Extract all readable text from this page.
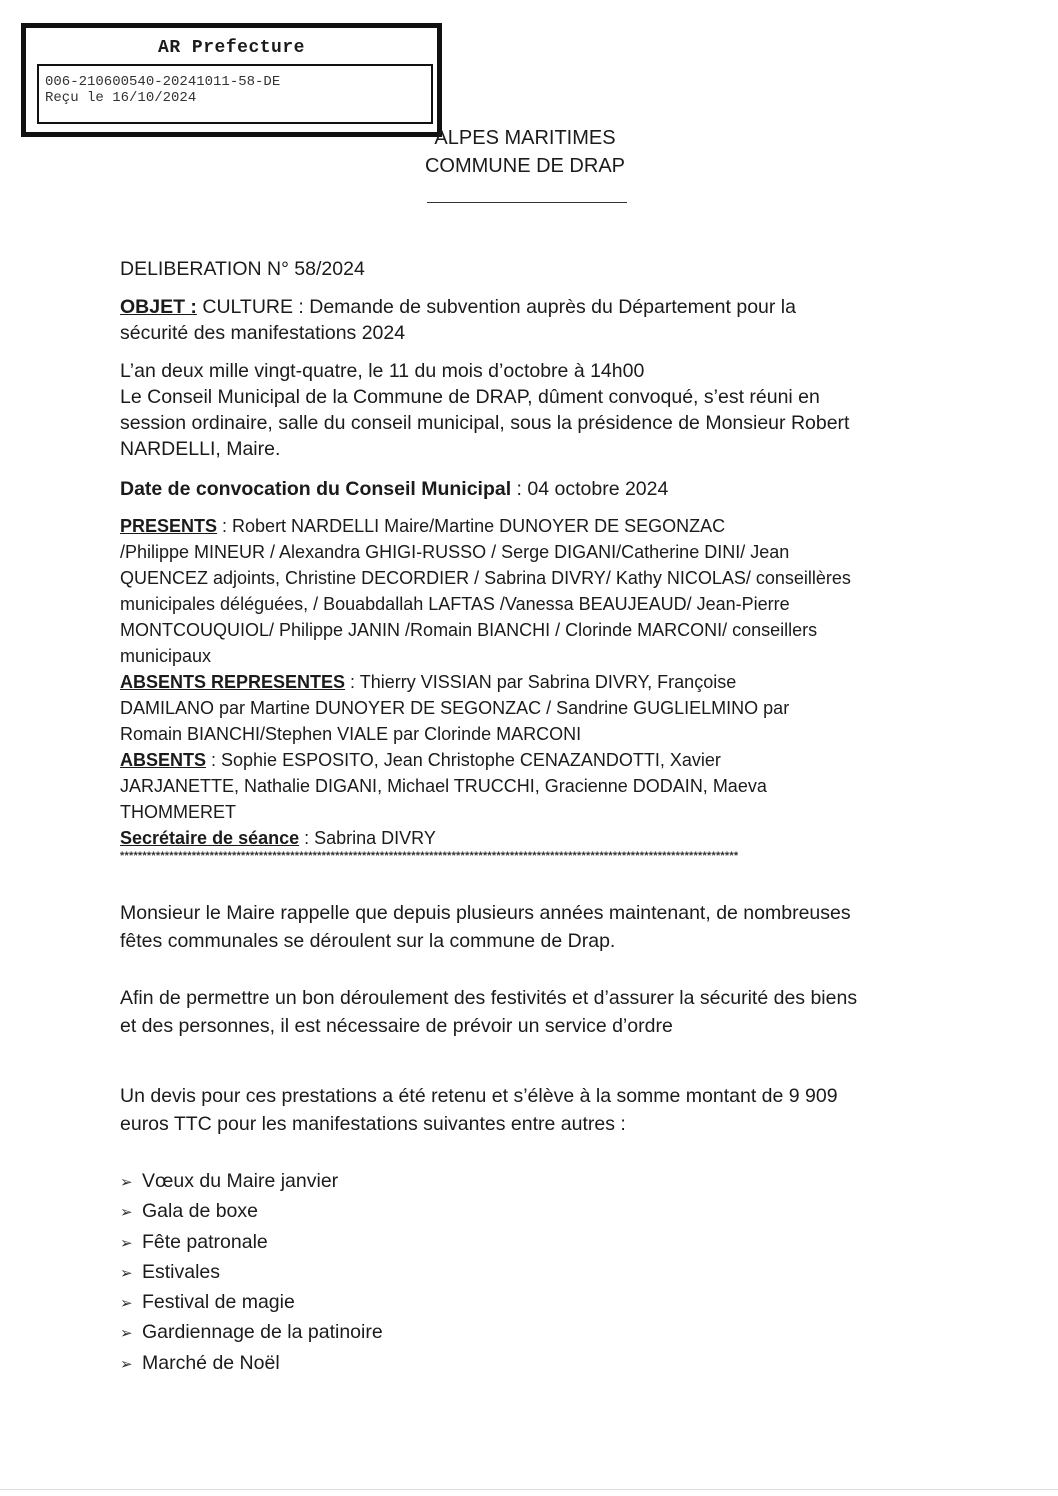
AR Prefecture
006-210600540-20241011-58-DE
Reçu le 16/10/2024
ALPES MARITIMES
COMMUNE DE DRAP
DELIBERATION N° 58/2024
OBJET : CULTURE : Demande de subvention auprès du Département pour la
sécurité des manifestations 2024
L’an deux mille vingt-quatre, le 11 du mois d’octobre à 14h00
Le Conseil Municipal de la Commune de DRAP, dûment convoqué, s’est réuni en
session ordinaire, salle du conseil municipal, sous la présidence de Monsieur Robert
NARDELLI, Maire.
Date de convocation du Conseil Municipal : 04 octobre 2024
PRESENTS : Robert NARDELLI Maire/Martine DUNOYER DE SEGONZAC
/Philippe MINEUR / Alexandra GHIGI-RUSSO / Serge DIGANI/Catherine DINI/ Jean
QUENCEZ adjoints, Christine DECORDIER / Sabrina DIVRY/ Kathy NICOLAS/ conseillères
municipales déléguées, / Bouabdallah LAFTAS /Vanessa BEAUJEAUD/ Jean-Pierre
MONTCOUQUIOL/ Philippe JANIN /Romain BIANCHI / Clorinde MARCONI/ conseillers
municipaux
ABSENTS REPRESENTES : Thierry VISSIAN par Sabrina DIVRY, Françoise
DAMILANO par Martine DUNOYER DE SEGONZAC / Sandrine GUGLIELMINO par
Romain BIANCHI/Stephen VIALE par Clorinde MARCONI
ABSENTS : Sophie ESPOSITO, Jean Christophe CENAZANDOTTI, Xavier
JARJANETTE, Nathalie DIGANI, Michael TRUCCHI, Gracienne DODAIN, Maeva
THOMMERET
Secrétaire de séance : Sabrina DIVRY
******************************************************************************************************************************************
Monsieur le Maire rappelle que depuis plusieurs années maintenant, de nombreuses
fêtes communales se déroulent sur la commune de Drap.
Afin de permettre un bon déroulement des festivités et d’assurer la sécurité des biens
et des personnes, il est nécessaire de prévoir un service d’ordre
Un devis pour ces prestations a été retenu et s’élève à la somme montant de 9 909
euros TTC pour les manifestations suivantes entre autres :
➢ Vœux du Maire janvier
➢ Gala de boxe
➢ Fête patronale
➢ Estivales
➢ Festival de magie
➢ Gardiennage de la patinoire
➢ Marché de Noël
